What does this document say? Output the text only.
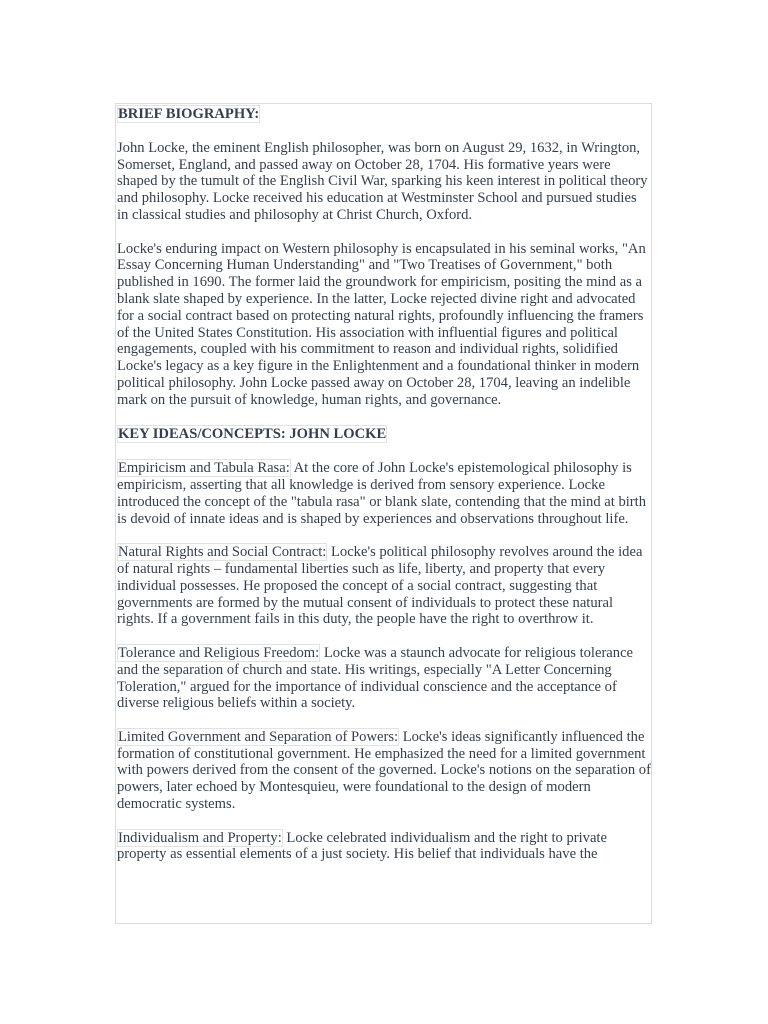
BRIEF BIOGRAPHY:

John Locke, the eminent English philosopher, was born on August 29, 1632, in Wrington, Somerset, England, and passed away on October 28, 1704. His formative years were shaped by the tumult of the English Civil War, sparking his keen interest in political theory and philosophy. Locke received his education at Westminster School and pursued studies in classical studies and philosophy at Christ Church, Oxford.

Locke's enduring impact on Western philosophy is encapsulated in his seminal works, "An Essay Concerning Human Understanding" and "Two Treatises of Government," both published in 1690. The former laid the groundwork for empiricism, positing the mind as a blank slate shaped by experience. In the latter, Locke rejected divine right and advocated for a social contract based on protecting natural rights, profoundly influencing the framers of the United States Constitution. His association with influential figures and political engagements, coupled with his commitment to reason and individual rights, solidified Locke's legacy as a key figure in the Enlightenment and a foundational thinker in modern political philosophy. John Locke passed away on October 28, 1704, leaving an indelible mark on the pursuit of knowledge, human rights, and governance.

KEY IDEAS/CONCEPTS: JOHN LOCKE

Empiricism and Tabula Rasa: At the core of John Locke's epistemological philosophy is empiricism, asserting that all knowledge is derived from sensory experience. Locke introduced the concept of the "tabula rasa" or blank slate, contending that the mind at birth is devoid of innate ideas and is shaped by experiences and observations throughout life.

Natural Rights and Social Contract: Locke's political philosophy revolves around the idea of natural rights – fundamental liberties such as life, liberty, and property that every individual possesses. He proposed the concept of a social contract, suggesting that governments are formed by the mutual consent of individuals to protect these natural rights. If a government fails in this duty, the people have the right to overthrow it.

Tolerance and Religious Freedom: Locke was a staunch advocate for religious tolerance and the separation of church and state. His writings, especially "A Letter Concerning Toleration," argued for the importance of individual conscience and the acceptance of diverse religious beliefs within a society.

Limited Government and Separation of Powers: Locke's ideas significantly influenced the formation of constitutional government. He emphasized the need for a limited government with powers derived from the consent of the governed. Locke's notions on the separation of powers, later echoed by Montesquieu, were foundational to the design of modern democratic systems.

Individualism and Property: Locke celebrated individualism and the right to private property as essential elements of a just society. His belief that individuals have the
